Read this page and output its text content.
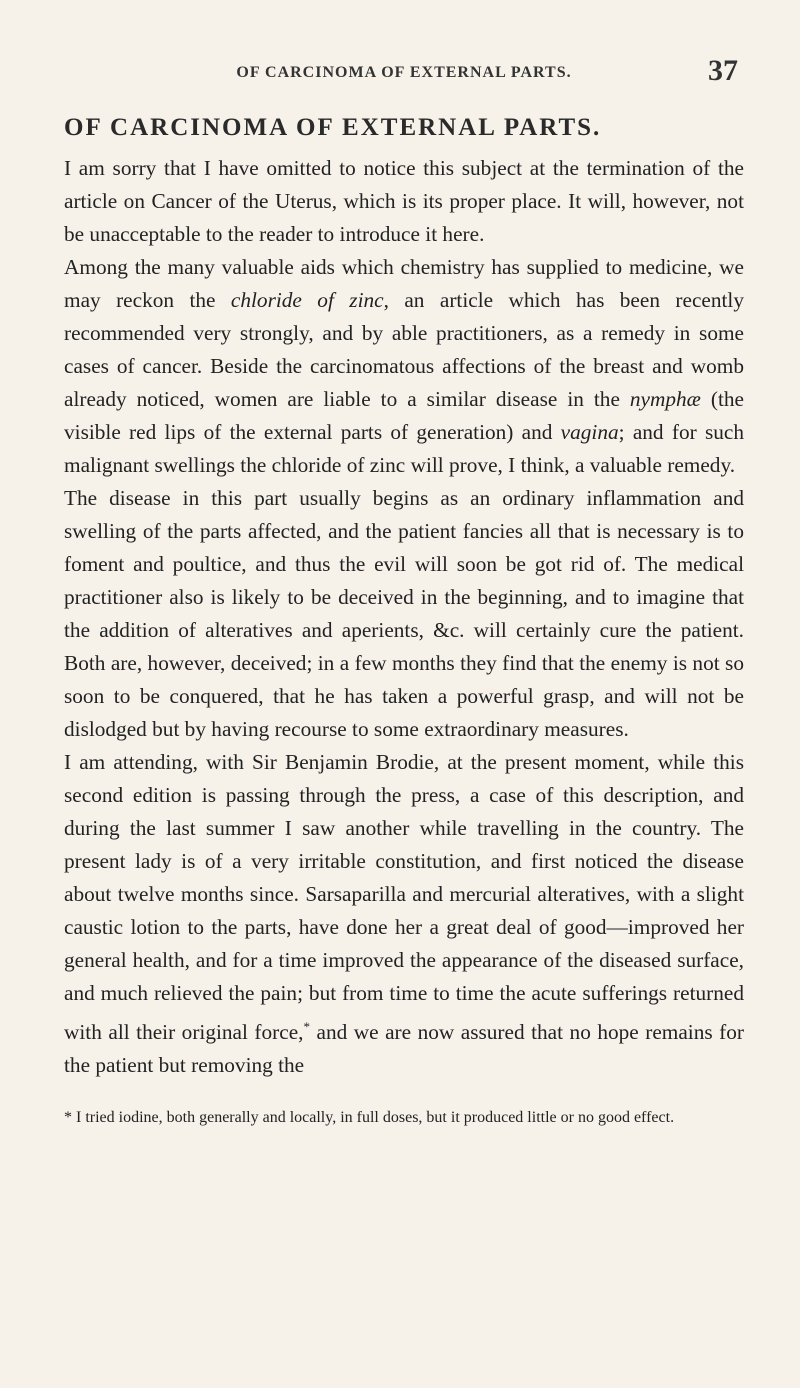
OF CARCINOMA OF EXTERNAL PARTS.	37
OF CARCINOMA OF EXTERNAL PARTS.

I am sorry that I have omitted to notice this subject at the termination of the article on Cancer of the Uterus, which is its proper place. It will, however, not be unacceptable to the reader to introduce it here.

Among the many valuable aids which chemistry has supplied to medicine, we may reckon the chloride of zinc, an article which has been recently recommended very strongly, and by able practitioners, as a remedy in some cases of cancer. Beside the carcinomatous affections of the breast and womb already noticed, women are liable to a similar disease in the nymphæ (the visible red lips of the external parts of generation) and vagina; and for such malignant swellings the chloride of zinc will prove, I think, a valuable remedy.

The disease in this part usually begins as an ordinary inflammation and swelling of the parts affected, and the patient fancies all that is necessary is to foment and poultice, and thus the evil will soon be got rid of. The medical practitioner also is likely to be deceived in the beginning, and to imagine that the addition of alteratives and aperients, &c. will certainly cure the patient. Both are, however, deceived; in a few months they find that the enemy is not so soon to be conquered, that he has taken a powerful grasp, and will not be dislodged but by having recourse to some extraordinary measures.

I am attending, with Sir Benjamin Brodie, at the present moment, while this second edition is passing through the press, a case of this description, and during the last summer I saw another while travelling in the country. The present lady is of a very irritable constitution, and first noticed the disease about twelve months since. Sarsaparilla and mercurial alteratives, with a slight caustic lotion to the parts, have done her a great deal of good—improved her general health, and for a time improved the appearance of the diseased surface, and much relieved the pain; but from time to time the acute sufferings returned with all their original force,* and we are now assured that no hope remains for the patient but removing the

* I tried iodine, both generally and locally, in full doses, but it produced little or no good effect.
